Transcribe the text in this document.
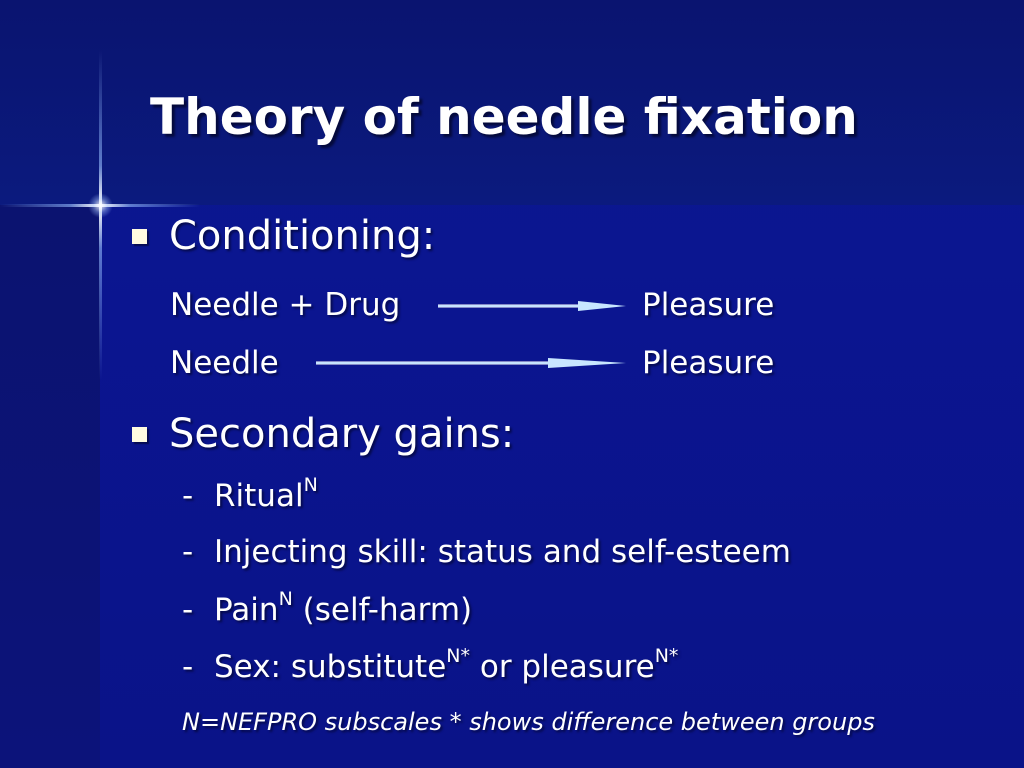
Theory of needle fixation
Conditioning:
Needle + Drug	Pleasure
Needle	Pleasure
Secondary gains:
- Ritual$^N$
- Injecting skill: status and self-esteem
- Pain$^N$ (self-harm)
- Sex: substitute$^{N*}$ or pleasure$^{N*}$
N=NEFPRO subscales * shows difference between groups
